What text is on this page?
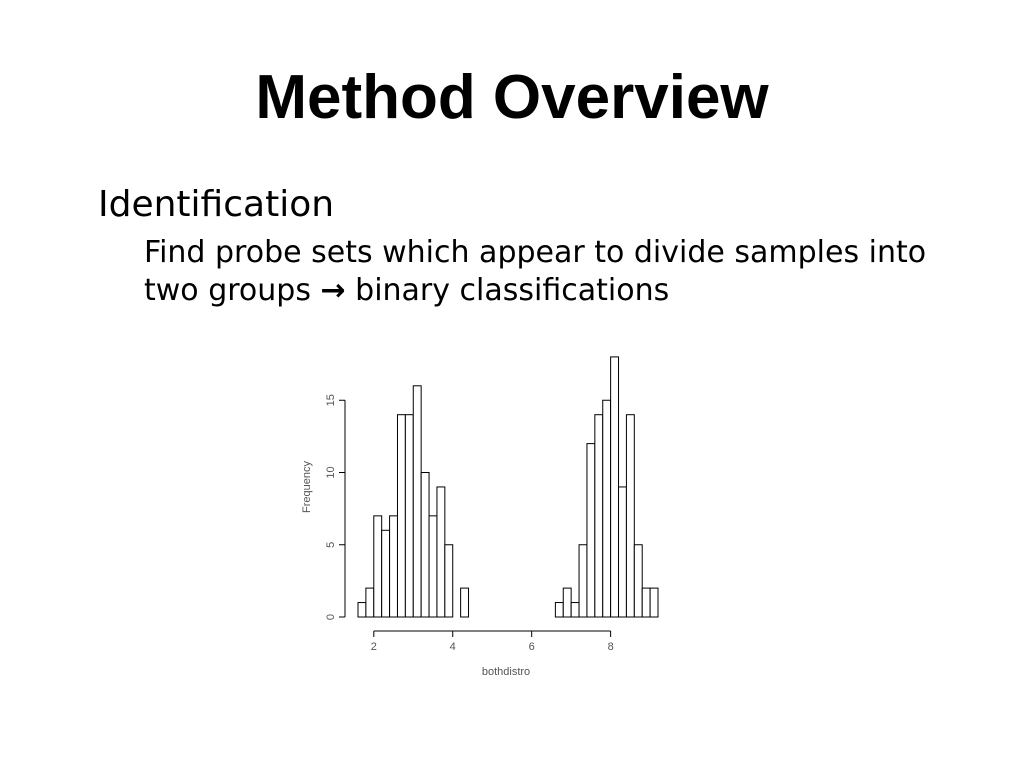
Method Overview
Identification
Find probe sets which appear to divide samples into two groups → binary classifications
2	4	6	8
0
5
10
15
bothdistro
Frequency
